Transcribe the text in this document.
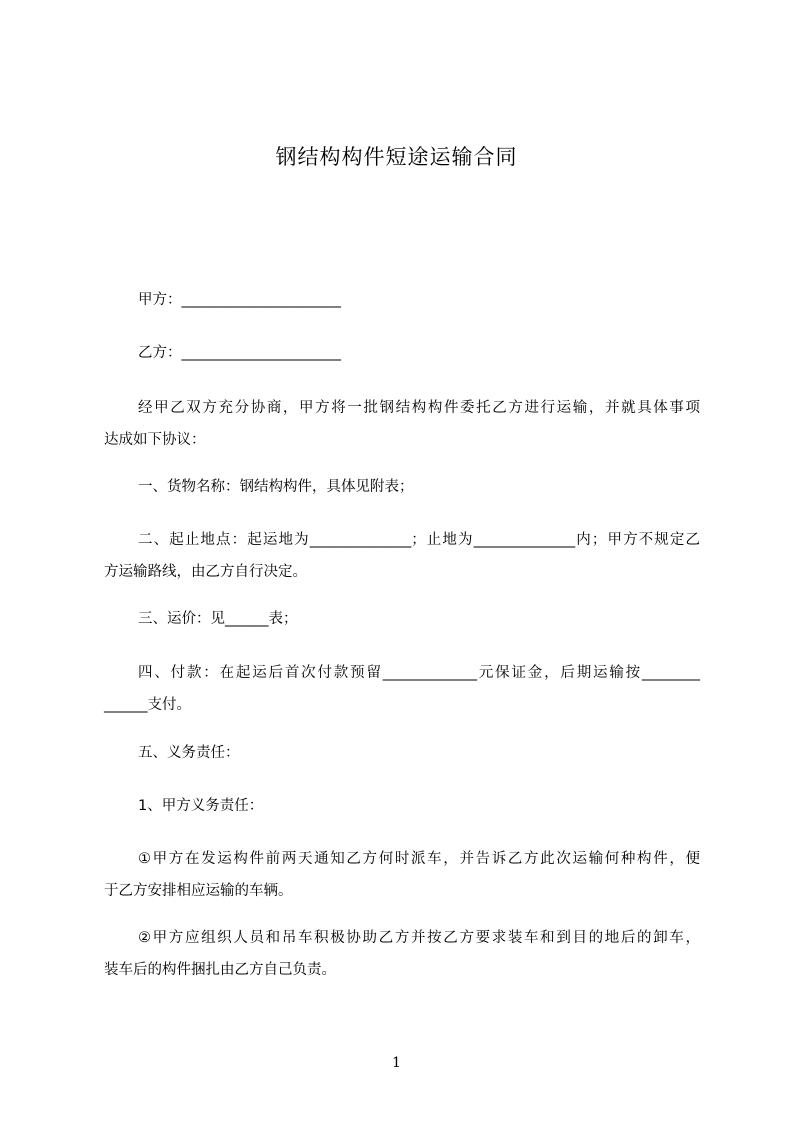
钢结构构件短途运输合同
甲方：______________________
乙方：______________________
经甲乙双方充分协商，甲方将一批钢结构构件委托乙方进行运输，并就具体事项
达成如下协议：
一、货物名称：钢结构构件，具体见附表；
二、起止地点：起运地为______________；止地为______________内；甲方不规定乙
方运输路线，由乙方自行决定。
三、运价：见______表；
四、付款：在起运后首次付款预留_____________元保证金，后期运输按________
______支付。
五、义务责任：
1、甲方义务责任：
①甲方在发运构件前两天通知乙方何时派车，并告诉乙方此次运输何种构件，便
于乙方安排相应运输的车辆。
②甲方应组织人员和吊车积极协助乙方并按乙方要求装车和到目的地后的卸车，
装车后的构件捆扎由乙方自己负责。
1
